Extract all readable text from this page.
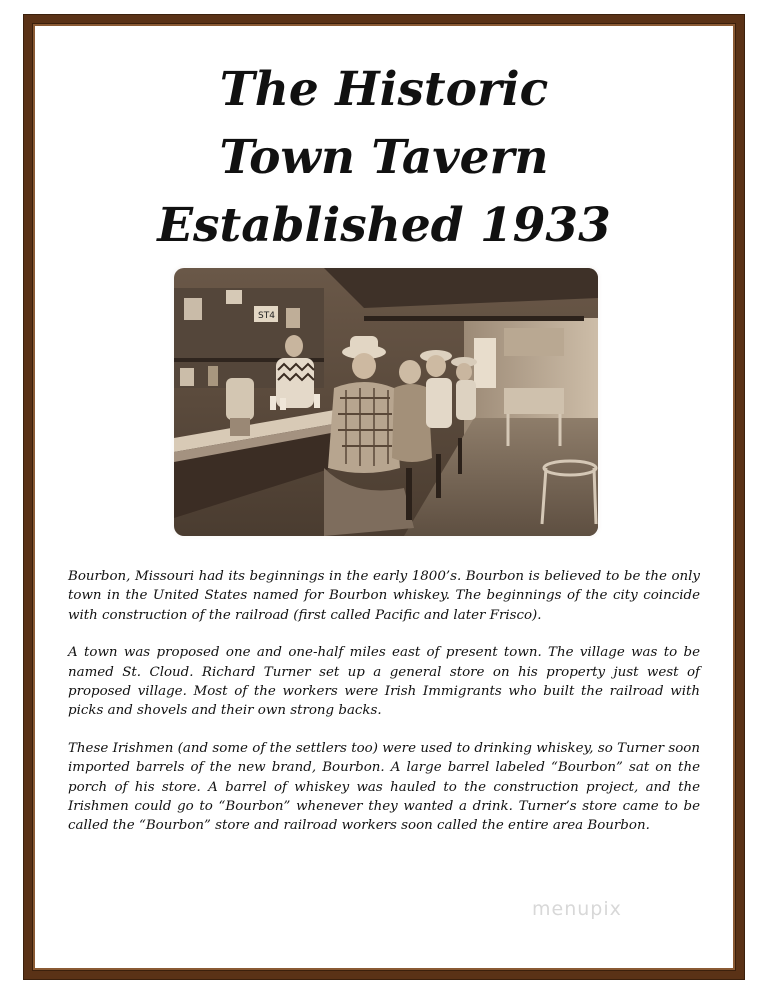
The Historic
Town Tavern
Established 1933
ST4

Bourbon, Missouri had its beginnings in the early 1800’s. Bourbon is believed to be the only town in the United States named for Bourbon whiskey. The beginnings of the city coincide with construction of the railroad (first called Pacific and later Frisco).

A town was proposed one and one-half miles east of present town. The village was to be named St. Cloud. Richard Turner set up a general store on his property just west of proposed village. Most of the workers were Irish Immigrants who built the railroad with picks and shovels and their own strong backs.

These Irishmen (and some of the settlers too) were used to drinking whiskey, so Turner soon imported barrels of the new brand, Bourbon. A large barrel labeled “Bourbon” sat on the porch of his store. A barrel of whiskey was hauled to the construction project, and the Irishmen could go to “Bourbon” whenever they wanted a drink. Turner’s store came to be called the “Bourbon” store and railroad workers soon called the entire area Bourbon.

menupix
